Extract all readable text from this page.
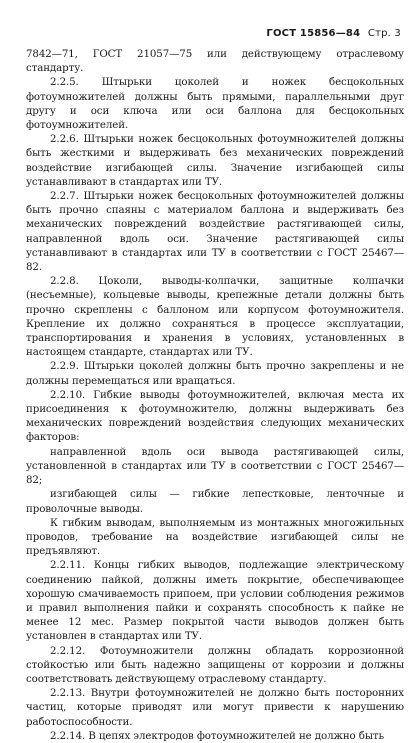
ГОСТ 15856—84 Стр. 3

7842—71, ГОСТ 21057—75 или действующему отраслевому стандарту.

2.2.5. Штырьки цоколей и ножек бесцокольных фотоумножителей должны быть прямыми, параллельными друг другу и оси ключа или оси баллона для бесцокольных фотоумножителей.

2.2.6. Штырьки ножек бесцокольных фотоумножителей должны быть жесткими и выдерживать без механических повреждений воздействие изгибающей силы. Значение изгибающей силы устанавливают в стандартах или ТУ.

2.2.7. Штырьки ножек бесцокольных фотоумножителей должны быть прочно спаяны с материалом баллона и выдерживать без механических повреждений воздействие растягивающей силы, направленной вдоль оси. Значение растягивающей силы устанавливают в стандартах или ТУ в соответствии с ГОСТ 25467—82.

2.2.8. Цоколи, выводы-колпачки, защитные колпачки (несъемные), кольцевые выводы, крепежные детали должны быть прочно скреплены с баллоном или корпусом фотоумножителя. Крепление их должно сохраняться в процессе эксплуатации, транспортирования и хранения в условиях, установленных в настоящем стандарте, стандартах или ТУ.

2.2.9. Штырьки цоколей должны быть прочно закреплены и не должны перемещаться или вращаться.

2.2.10. Гибкие выводы фотоумножителей, включая места их присоединения к фотоумножителю, должны выдерживать без механических повреждений воздействия следующих механических факторов:

направленной вдоль оси вывода растягивающей силы, установленной в стандартах или ТУ в соответствии с ГОСТ 25467—82;

изгибающей силы — гибкие лепестковые, ленточные и проволочные выводы.

К гибким выводам, выполняемым из монтажных многожильных проводов, требование на воздействие изгибающей силы не предъявляют.

2.2.11. Концы гибких выводов, подлежащие электрическому соединению пайкой, должны иметь покрытие, обеспечивающее хорошую смачиваемость припоем, при условии соблюдения режимов и правил выполнения пайки и сохранять способность к пайке не менее 12 мес. Размер покрытой части выводов должен быть установлен в стандартах или ТУ.

2.2.12. Фотоумножители должны обладать коррозионной стойкостью или быть надежно защищены от коррозии и должны соответствовать действующему отраслевому стандарту.

2.2.13. Внутри фотоумножителей не должно быть посторонних частиц, которые приводят или могут привести к нарушению работоспособности.

2.2.14. В цепях электродов фотоумножителей не должно быть
